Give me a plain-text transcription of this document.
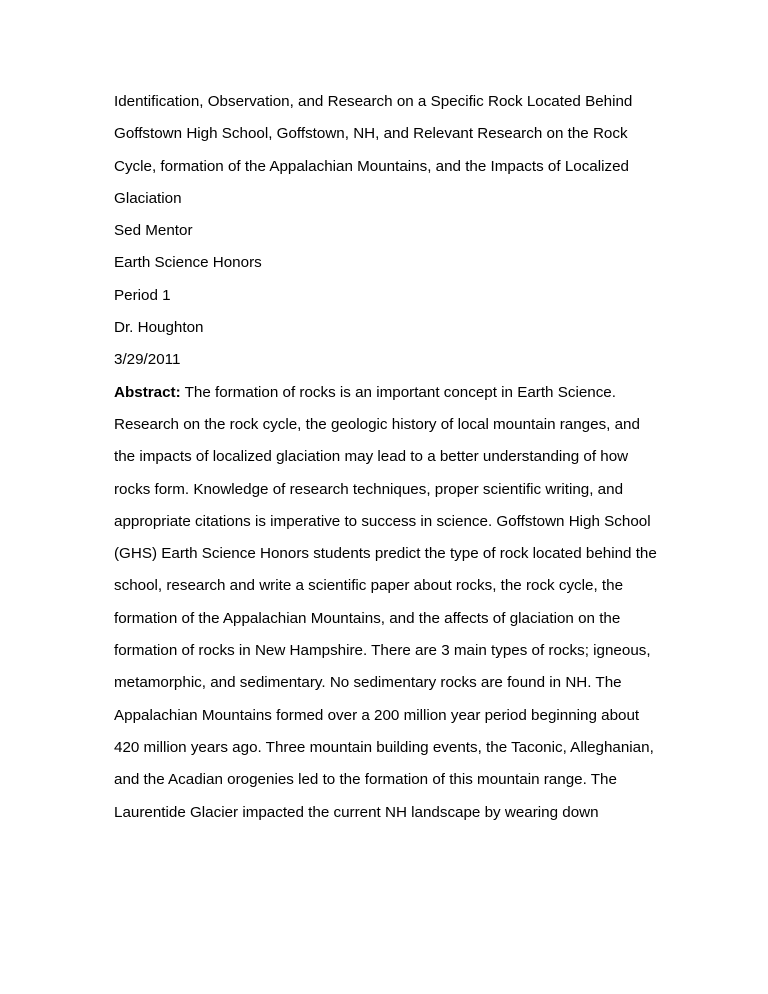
Identification, Observation, and Research on a Specific Rock Located Behind
Goffstown High School, Goffstown, NH, and Relevant Research on the Rock
Cycle, formation of the Appalachian Mountains, and the Impacts of Localized
Glaciation
Sed Mentor
Earth Science Honors
Period 1
Dr. Houghton
3/29/2011
Abstract: The formation of rocks is an important concept in Earth Science.
Research on the rock cycle, the geologic history of local mountain ranges, and
the impacts of localized glaciation may lead to a better understanding of how
rocks form. Knowledge of research techniques, proper scientific writing, and
appropriate citations is imperative to success in science. Goffstown High School
(GHS) Earth Science Honors students predict the type of rock located behind the
school, research and write a scientific paper about rocks, the rock cycle, the
formation of the Appalachian Mountains, and the affects of glaciation on the
formation of rocks in New Hampshire. There are 3 main types of rocks; igneous,
metamorphic, and sedimentary. No sedimentary rocks are found in NH. The
Appalachian Mountains formed over a 200 million year period beginning about
420 million years ago. Three mountain building events, the Taconic, Alleghanian,
and the Acadian orogenies led to the formation of this mountain range. The
Laurentide Glacier impacted the current NH landscape by wearing down
